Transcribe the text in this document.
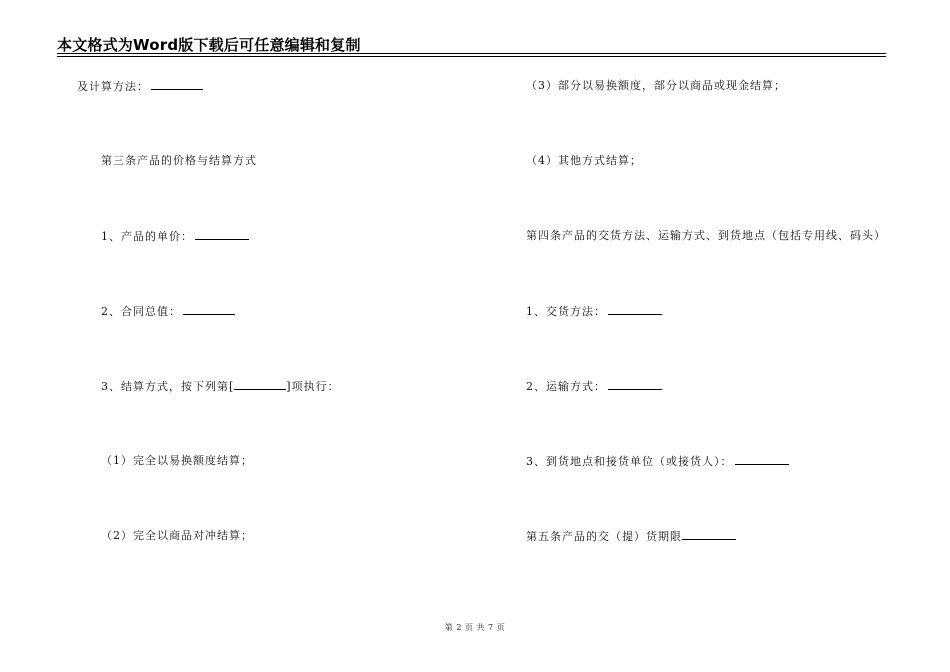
本文格式为Word版下载后可任意编辑和复制
及计算方法：
第三条产品的价格与结算方式
1、产品的单价：
2、合同总值：
3、结算方式，按下列第[	]项执行：
（1）完全以易换额度结算；
（2）完全以商品对冲结算；
（3）部分以易换额度，部分以商品或现金结算；
（4）其他方式结算；
第四条产品的交货方法、运输方式、到货地点（包括专用线、码头）
1、交货方法：
2、运输方式：
3、到货地点和接货单位（或接货人）：
第五条产品的交（提）货期限
第 2 页 共 7 页
